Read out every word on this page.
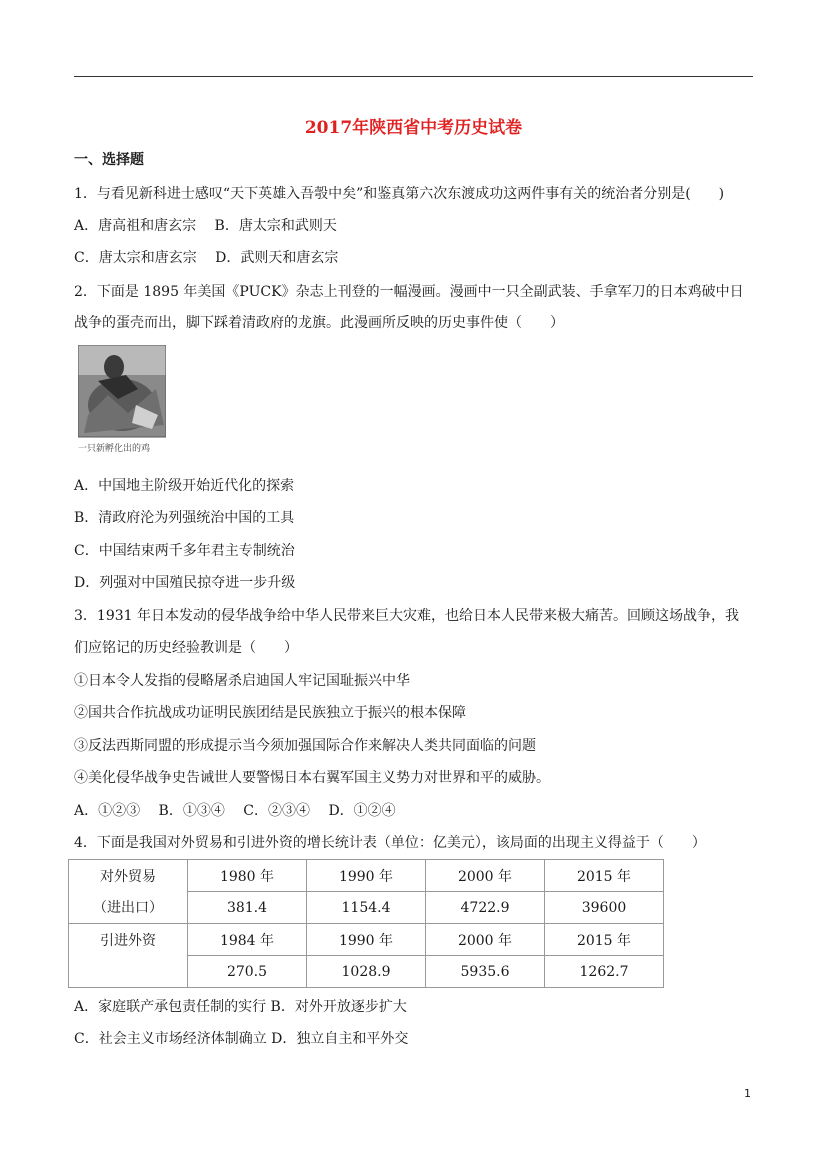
2017年陕西省中考历史试卷
一、选择题
1．与看见新科进士感叹“天下英雄入吾彀中矣”和鉴真第六次东渡成功这两件事有关的统治者分别是(　　)
A．唐高祖和唐玄宗　 B．唐太宗和武则天
C．唐太宗和唐玄宗　 D．武则天和唐玄宗
2．下面是 1895 年美国《PUCK》杂志上刊登的一幅漫画。漫画中一只全副武装、手拿军刀的日本鸡破中日
战争的蛋壳而出，脚下踩着清政府的龙旗。此漫画所反映的历史事件使（　　）
一只新孵化出的鸡
A．中国地主阶级开始近代化的探索
B．清政府沦为列强统治中国的工具
C．中国结束两千多年君主专制统治
D．列强对中国殖民掠夺进一步升级
3．1931 年日本发动的侵华战争给中华人民带来巨大灾难，也给日本人民带来极大痛苦。回顾这场战争，我
们应铭记的历史经验教训是（　　）
①日本令人发指的侵略屠杀启迪国人牢记国耻振兴中华
②国共合作抗战成功证明民族团结是民族独立于振兴的根本保障
③反法西斯同盟的形成提示当今须加强国际合作来解决人类共同面临的问题
④美化侵华战争史告诫世人要警惕日本右翼军国主义势力对世界和平的威胁。
A．①②③　 B．①③④　 C．②③④　 D．①②④
4．下面是我国对外贸易和引进外资的增长统计表（单位：亿美元），该局面的出现主义得益于（　　）
对外贸易	1980 年	1990 年	2000 年	2015 年
（进出口）	381.4	1154.4	4722.9	39600
引进外资	1984 年	1990 年	2000 年	2015 年
	270.5	1028.9	5935.6	1262.7
A．家庭联产承包责任制的实行 B．对外开放逐步扩大
C．社会主义市场经济体制确立 D．独立自主和平外交
1
